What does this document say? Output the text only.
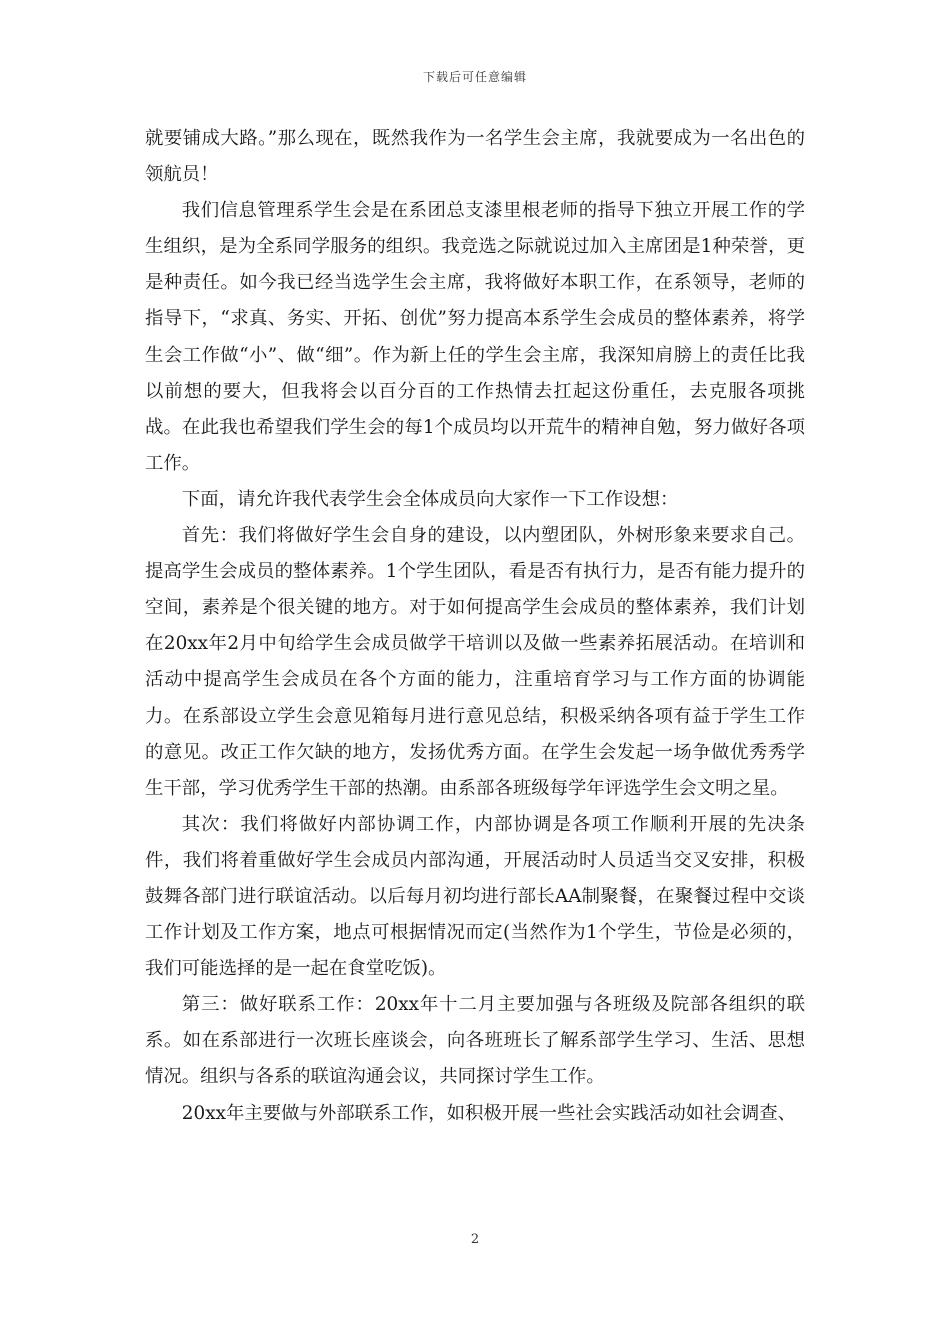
下载后可任意编辑

就要铺成大路。”那么现在，既然我作为一名学生会主席，我就要成为一名出色的领航员！

我们信息管理系学生会是在系团总支漆里根老师的指导下独立开展工作的学生组织，是为全系同学服务的组织。我竞选之际就说过加入主席团是1种荣誉，更是种责任。如今我已经当选学生会主席，我将做好本职工作，在系领导，老师的指导下，“求真、务实、开拓、创优”努力提高本系学生会成员的整体素养，将学生会工作做“小”、做“细”。作为新上任的学生会主席，我深知肩膀上的责任比我以前想的要大，但我将会以百分百的工作热情去扛起这份重任，去克服各项挑战。在此我也希望我们学生会的每1个成员均以开荒牛的精神自勉，努力做好各项工作。

下面，请允许我代表学生会全体成员向大家作一下工作设想：

首先：我们将做好学生会自身的建设，以内塑团队，外树形象来要求自己。提高学生会成员的整体素养。1个学生团队，看是否有执行力，是否有能力提升的空间，素养是个很关键的地方。对于如何提高学生会成员的整体素养，我们计划在20xx年2月中旬给学生会成员做学干培训以及做一些素养拓展活动。在培训和活动中提高学生会成员在各个方面的能力，注重培育学习与工作方面的协调能力。在系部设立学生会意见箱每月进行意见总结，积极采纳各项有益于学生工作的意见。改正工作欠缺的地方，发扬优秀方面。在学生会发起一场争做优秀秀学生干部，学习优秀学生干部的热潮。由系部各班级每学年评选学生会文明之星。

其次：我们将做好内部协调工作，内部协调是各项工作顺利开展的先决条件，我们将着重做好学生会成员内部沟通，开展活动时人员适当交叉安排，积极鼓舞各部门进行联谊活动。以后每月初均进行部长AA制聚餐，在聚餐过程中交谈工作计划及工作方案，地点可根据情况而定(当然作为1个学生，节俭是必须的，我们可能选择的是一起在食堂吃饭)。

第三：做好联系工作：20xx年十二月主要加强与各班级及院部各组织的联系。如在系部进行一次班长座谈会，向各班班长了解系部学生学习、生活、思想情况。组织与各系的联谊沟通会议，共同探讨学生工作。

20xx年主要做与外部联系工作，如积极开展一些社会实践活动如社会调查、

2
